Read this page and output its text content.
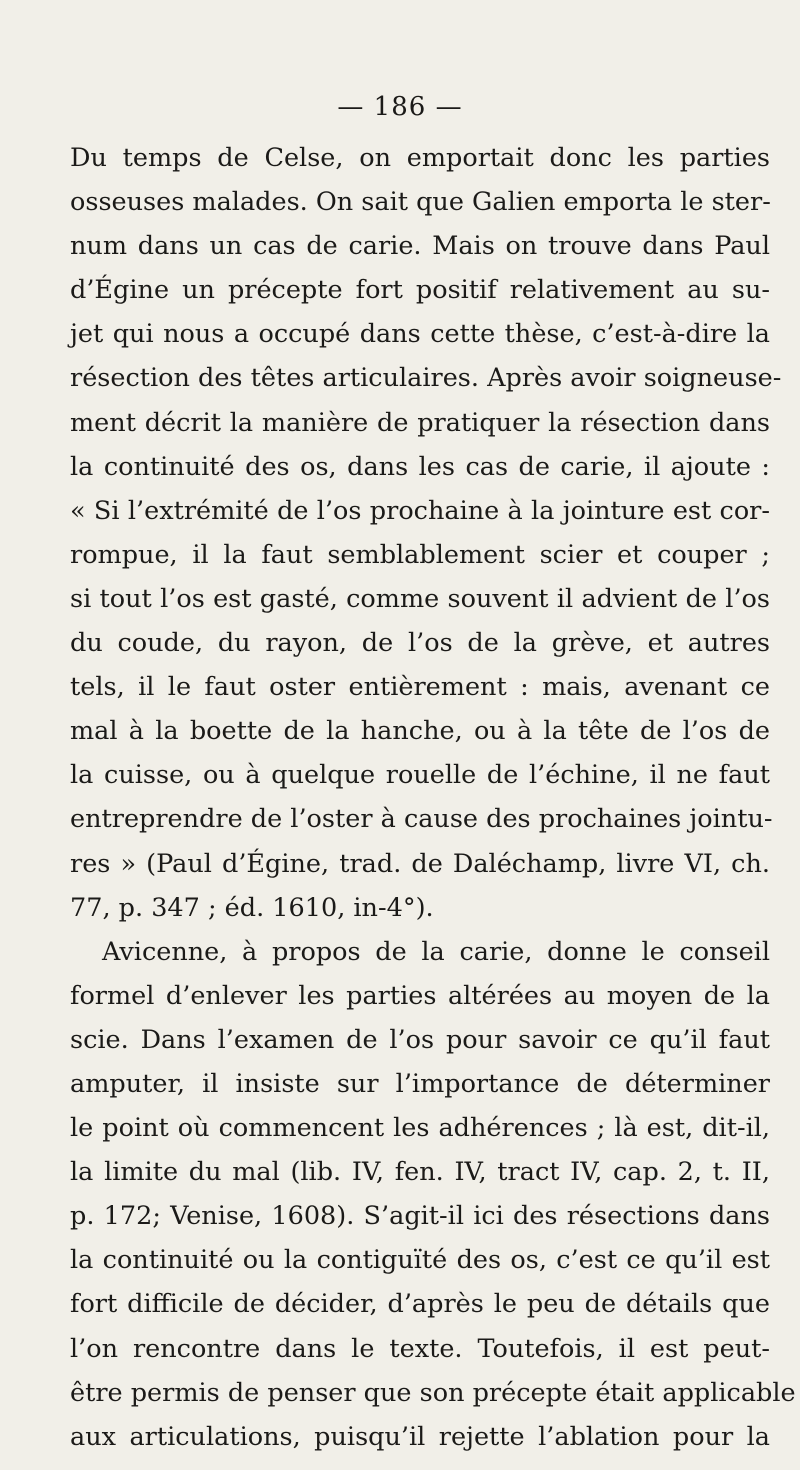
— 186 —
Du temps de Celse, on emportait donc les parties
osseuses malades. On sait que Galien emporta le ster-
num dans un cas de carie. Mais on trouve dans Paul
d’Égine un précepte fort positif relativement au su-
jet qui nous a occupé dans cette thèse, c’est-à-dire la
résection des têtes articulaires. Après avoir soigneuse-
ment décrit la manière de pratiquer la résection dans
la continuité des os, dans les cas de carie, il ajoute :
« Si l’extrémité de l’os prochaine à la jointure est cor-
rompue, il la faut semblablement scier et couper ;
si tout l’os est gasté, comme souvent il advient de l’os
du coude, du rayon, de l’os de la grève, et autres
tels, il le faut oster entièrement : mais, avenant ce
mal à la boette de la hanche, ou à la tête de l’os de
la cuisse, ou à quelque rouelle de l’échine, il ne faut
entreprendre de l’oster à cause des prochaines jointu-
res » (Paul d’Égine, trad. de Daléchamp, livre VI, ch.
77, p. 347 ; éd. 1610, in-4°).
Avicenne, à propos de la carie, donne le conseil
formel d’enlever les parties altérées au moyen de la
scie. Dans l’examen de l’os pour savoir ce qu’il faut
amputer, il insiste sur l’importance de déterminer
le point où commencent les adhérences ; là est, dit-il,
la limite du mal (lib. IV, fen. IV, tract IV, cap. 2, t. II,
p. 172; Venise, 1608). S’agit-il ici des résections dans
la continuité ou la contiguïté des os, c’est ce qu’il est
fort difficile de décider, d’après le peu de détails que
l’on rencontre dans le texte. Toutefois, il est peut-
être permis de penser que son précepte était applicable
aux articulations, puisqu’il rejette l’ablation pour la
